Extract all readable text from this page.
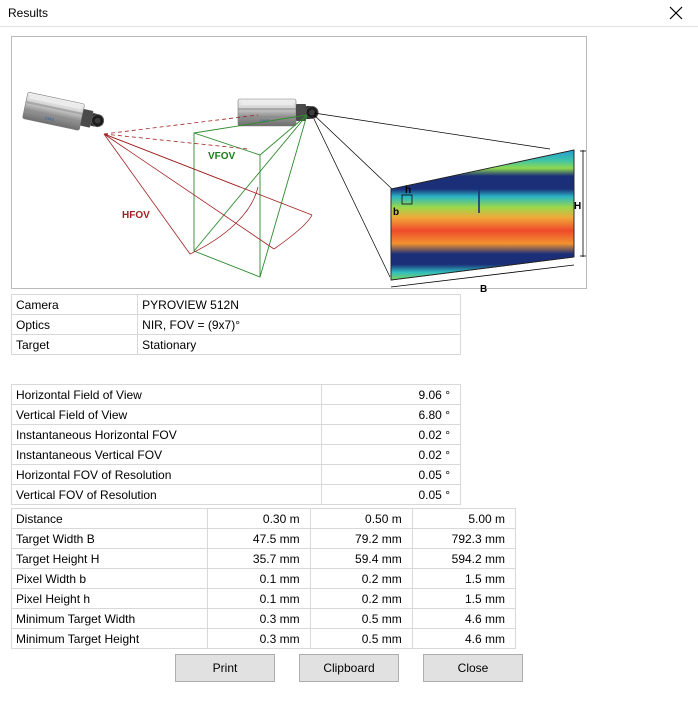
Results
DIAS	DIAS
VFOV
HFOV
H
B
h
b
Camera	PYROVIEW 512N
Optics	NIR, FOV = (9x7)°
Target	Stationary
Horizontal Field of View	9.06 °
Vertical Field of View	6.80 °
Instantaneous Horizontal FOV	0.02 °
Instantaneous Vertical FOV	0.02 °
Horizontal FOV of Resolution	0.05 °
Vertical FOV of Resolution	0.05 °
Distance	0.30 m	0.50 m	5.00 m
Target Width B	47.5 mm	79.2 mm	792.3 mm
Target Height H	35.7 mm	59.4 mm	594.2 mm
Pixel Width b	0.1 mm	0.2 mm	1.5 mm
Pixel Height h	0.1 mm	0.2 mm	1.5 mm
Minimum Target Width	0.3 mm	0.5 mm	4.6 mm
Minimum Target Height	0.3 mm	0.5 mm	4.6 mm
Print	Clipboard	Close
